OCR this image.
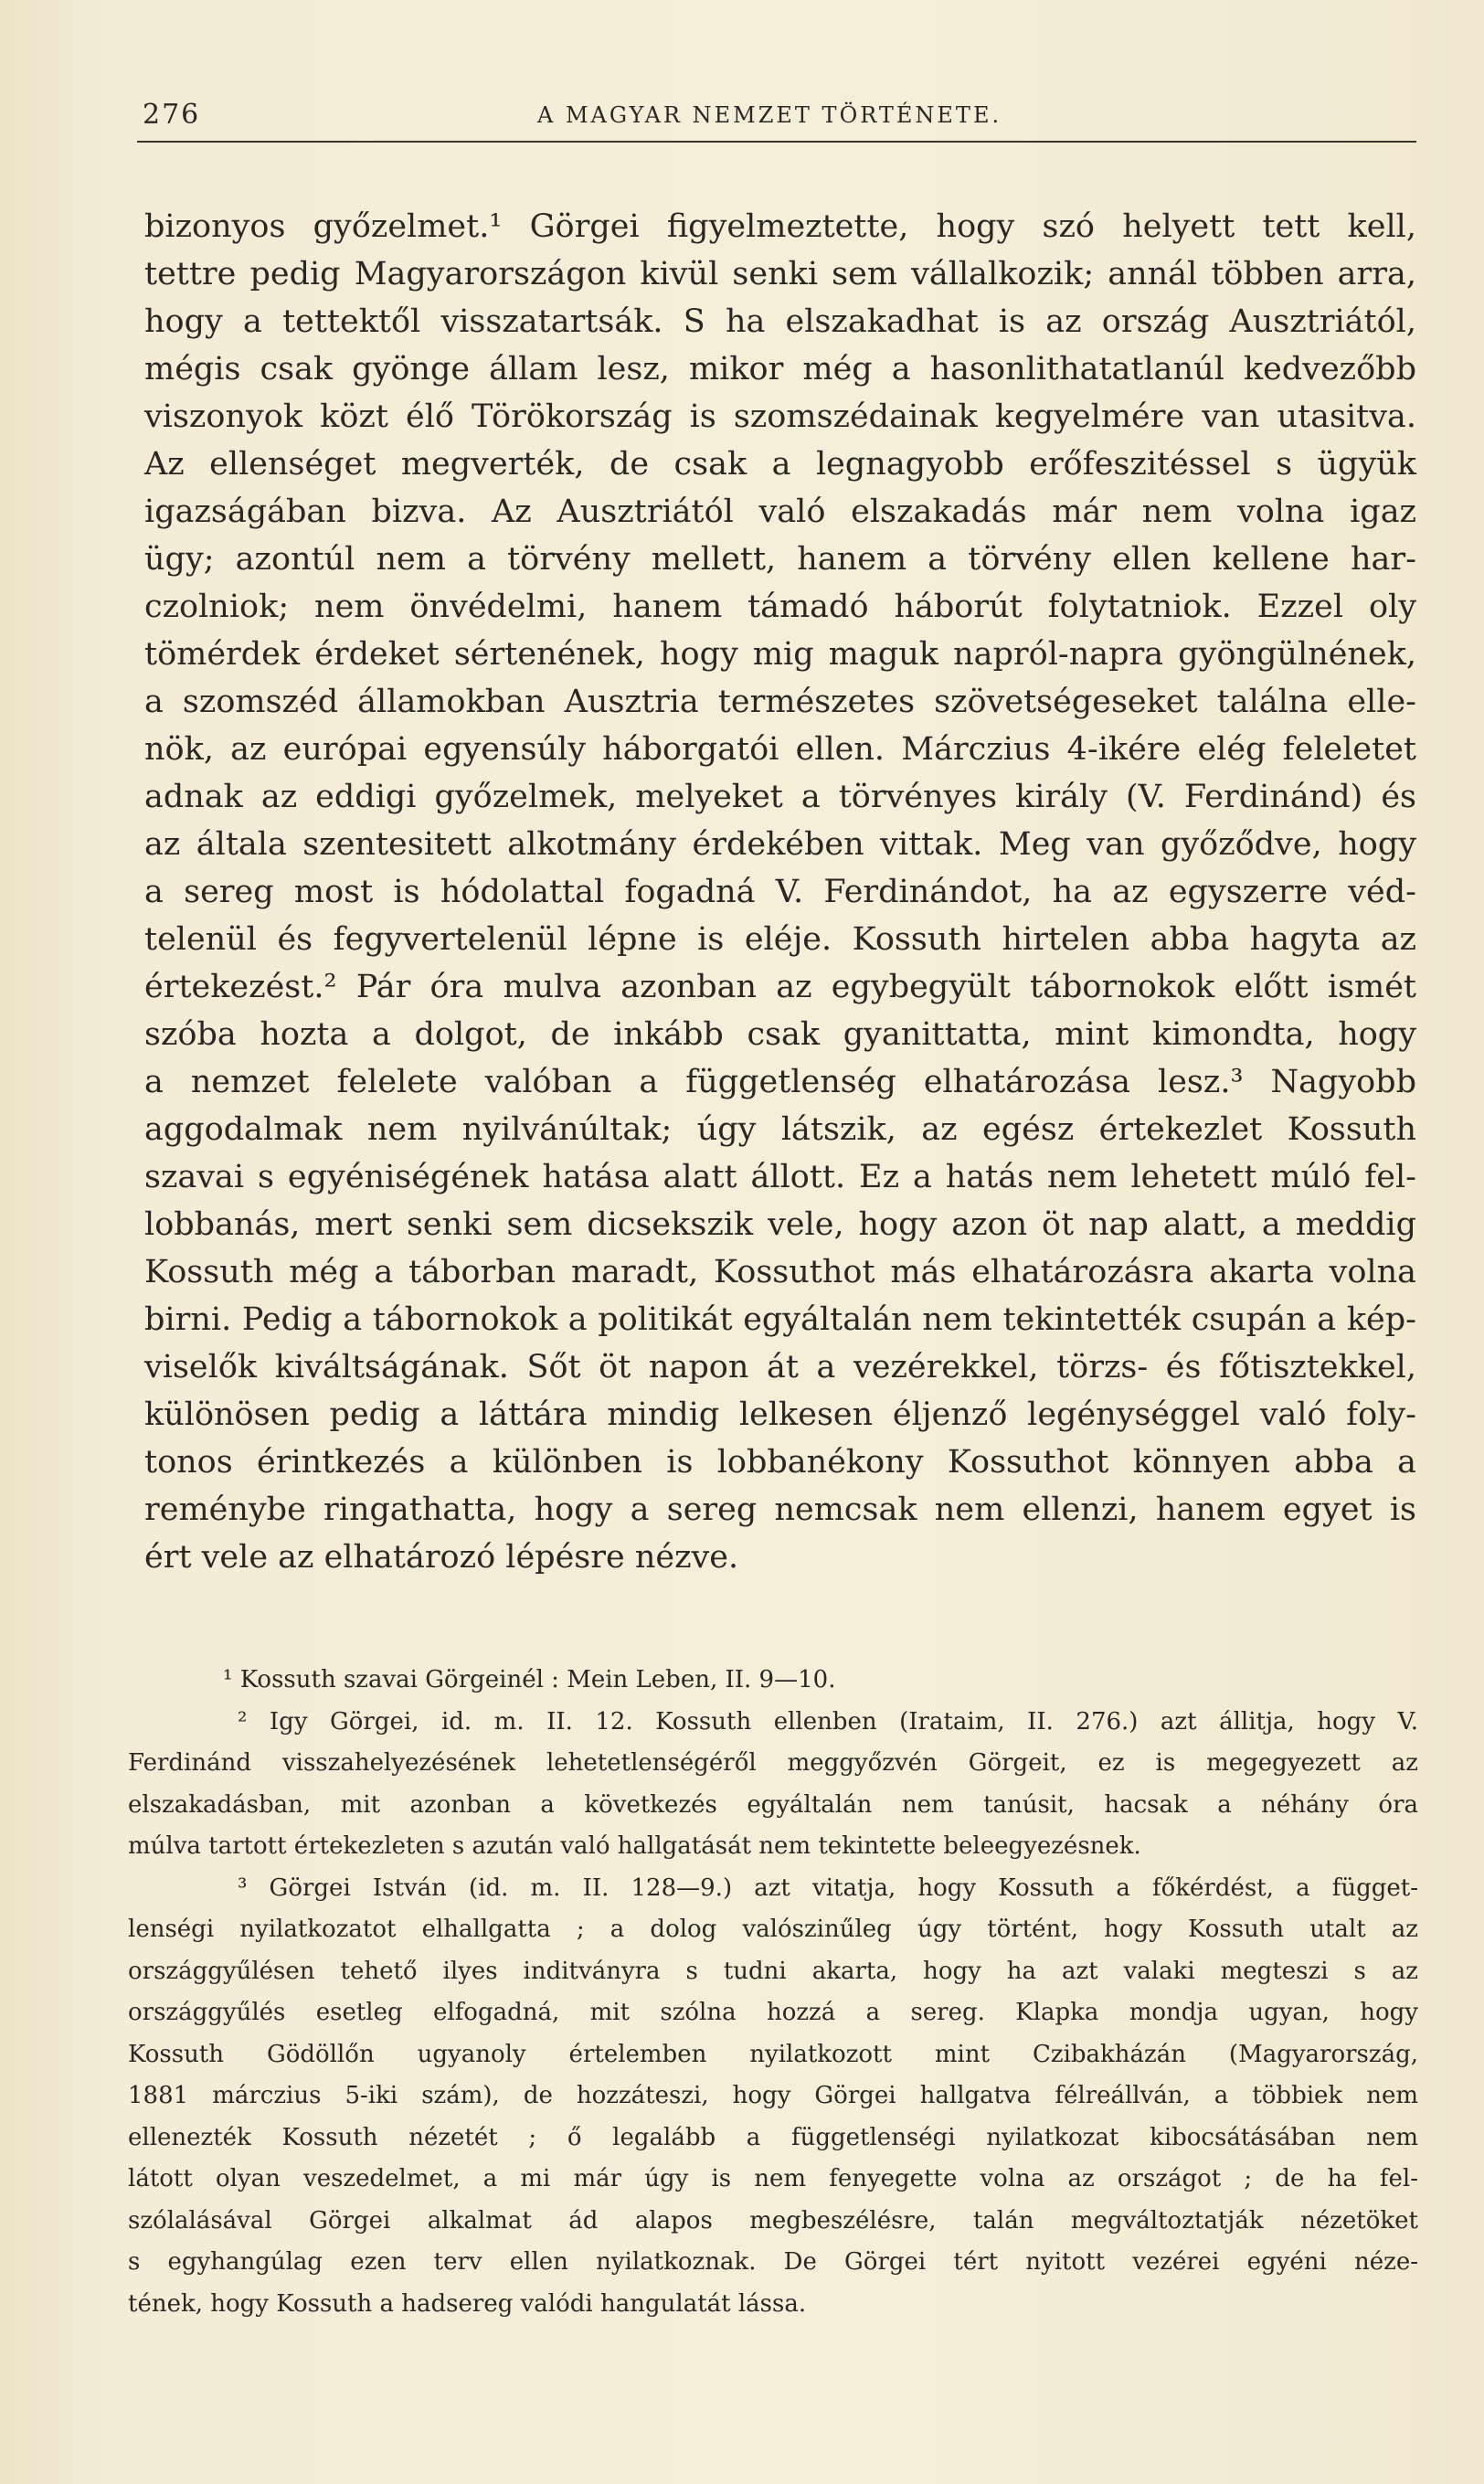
276	A MAGYAR NEMZET TÖRTÉNETE.
bizonyos győzelmet.¹ Görgei figyelmeztette, hogy szó helyett tett kell,
tettre pedig Magyarországon kivül senki sem vállalkozik; annál többen arra,
hogy a tettektől visszatartsák. S ha elszakadhat is az ország Ausztriától,
mégis csak gyönge állam lesz, mikor még a hasonlithatatlanúl kedvezőbb
viszonyok közt élő Törökország is szomszédainak kegyelmére van utasitva.
Az ellenséget megverték, de csak a legnagyobb erőfeszitéssel s ügyük
igazságában bizva. Az Ausztriától való elszakadás már nem volna igaz
ügy; azontúl nem a törvény mellett, hanem a törvény ellen kellene har-
czolniok; nem önvédelmi, hanem támadó háborút folytatniok. Ezzel oly
tömérdek érdeket sértenének, hogy mig maguk napról-napra gyöngülnének,
a szomszéd államokban Ausztria természetes szövetségeseket találna elle-
nök, az európai egyensúly háborgatói ellen. Márczius 4-ikére elég feleletet
adnak az eddigi győzelmek, melyeket a törvényes király (V. Ferdinánd) és
az általa szentesitett alkotmány érdekében vittak. Meg van győződve, hogy
a sereg most is hódolattal fogadná V. Ferdinándot, ha az egyszerre véd-
telenül és fegyvertelenül lépne is eléje. Kossuth hirtelen abba hagyta az
értekezést.² Pár óra mulva azonban az egybegyült tábornokok előtt ismét
szóba hozta a dolgot, de inkább csak gyanittatta, mint kimondta, hogy
a nemzet felelete valóban a függetlenség elhatározása lesz.³ Nagyobb
aggodalmak nem nyilvánúltak; úgy látszik, az egész értekezlet Kossuth
szavai s egyéniségének hatása alatt állott. Ez a hatás nem lehetett múló fel-
lobbanás, mert senki sem dicsekszik vele, hogy azon öt nap alatt, a meddig
Kossuth még a táborban maradt, Kossuthot más elhatározásra akarta volna
birni. Pedig a tábornokok a politikát egyáltalán nem tekintették csupán a kép-
viselők kiváltságának. Sőt öt napon át a vezérekkel, törzs- és főtisztekkel,
különösen pedig a láttára mindig lelkesen éljenző legénységgel való foly-
tonos érintkezés a különben is lobbanékony Kossuthot könnyen abba a
reménybe ringathatta, hogy a sereg nemcsak nem ellenzi, hanem egyet is
ért vele az elhatározó lépésre nézve.
¹ Kossuth szavai Görgeinél : Mein Leben, II. 9—10.
² Igy Görgei, id. m. II. 12. Kossuth ellenben (Irataim, II. 276.) azt állitja, hogy V.
Ferdinánd visszahelyezésének lehetetlenségéről meggyőzvén Görgeit, ez is megegyezett az
elszakadásban, mit azonban a következés egyáltalán nem tanúsit, hacsak a néhány óra
múlva tartott értekezleten s azután való hallgatását nem tekintette beleegyezésnek.
³ Görgei István (id. m. II. 128—9.) azt vitatja, hogy Kossuth a főkérdést, a függet-
lenségi nyilatkozatot elhallgatta ; a dolog valószinűleg úgy történt, hogy Kossuth utalt az
országgyűlésen tehető ilyes inditványra s tudni akarta, hogy ha azt valaki megteszi s az
országgyűlés esetleg elfogadná, mit szólna hozzá a sereg. Klapka mondja ugyan, hogy
Kossuth Gödöllőn ugyanoly értelemben nyilatkozott mint Czibakházán (Magyarország,
1881 márczius 5-iki szám), de hozzáteszi, hogy Görgei hallgatva félreállván, a többiek nem
ellenezték Kossuth nézetét ; ő legalább a függetlenségi nyilatkozat kibocsátásában nem
látott olyan veszedelmet, a mi már úgy is nem fenyegette volna az országot ; de ha fel-
szólalásával Görgei alkalmat ád alapos megbeszélésre, talán megváltoztatják nézetöket
s egyhangúlag ezen terv ellen nyilatkoznak. De Görgei tért nyitott vezérei egyéni néze-
tének, hogy Kossuth a hadsereg valódi hangulatát lássa.
